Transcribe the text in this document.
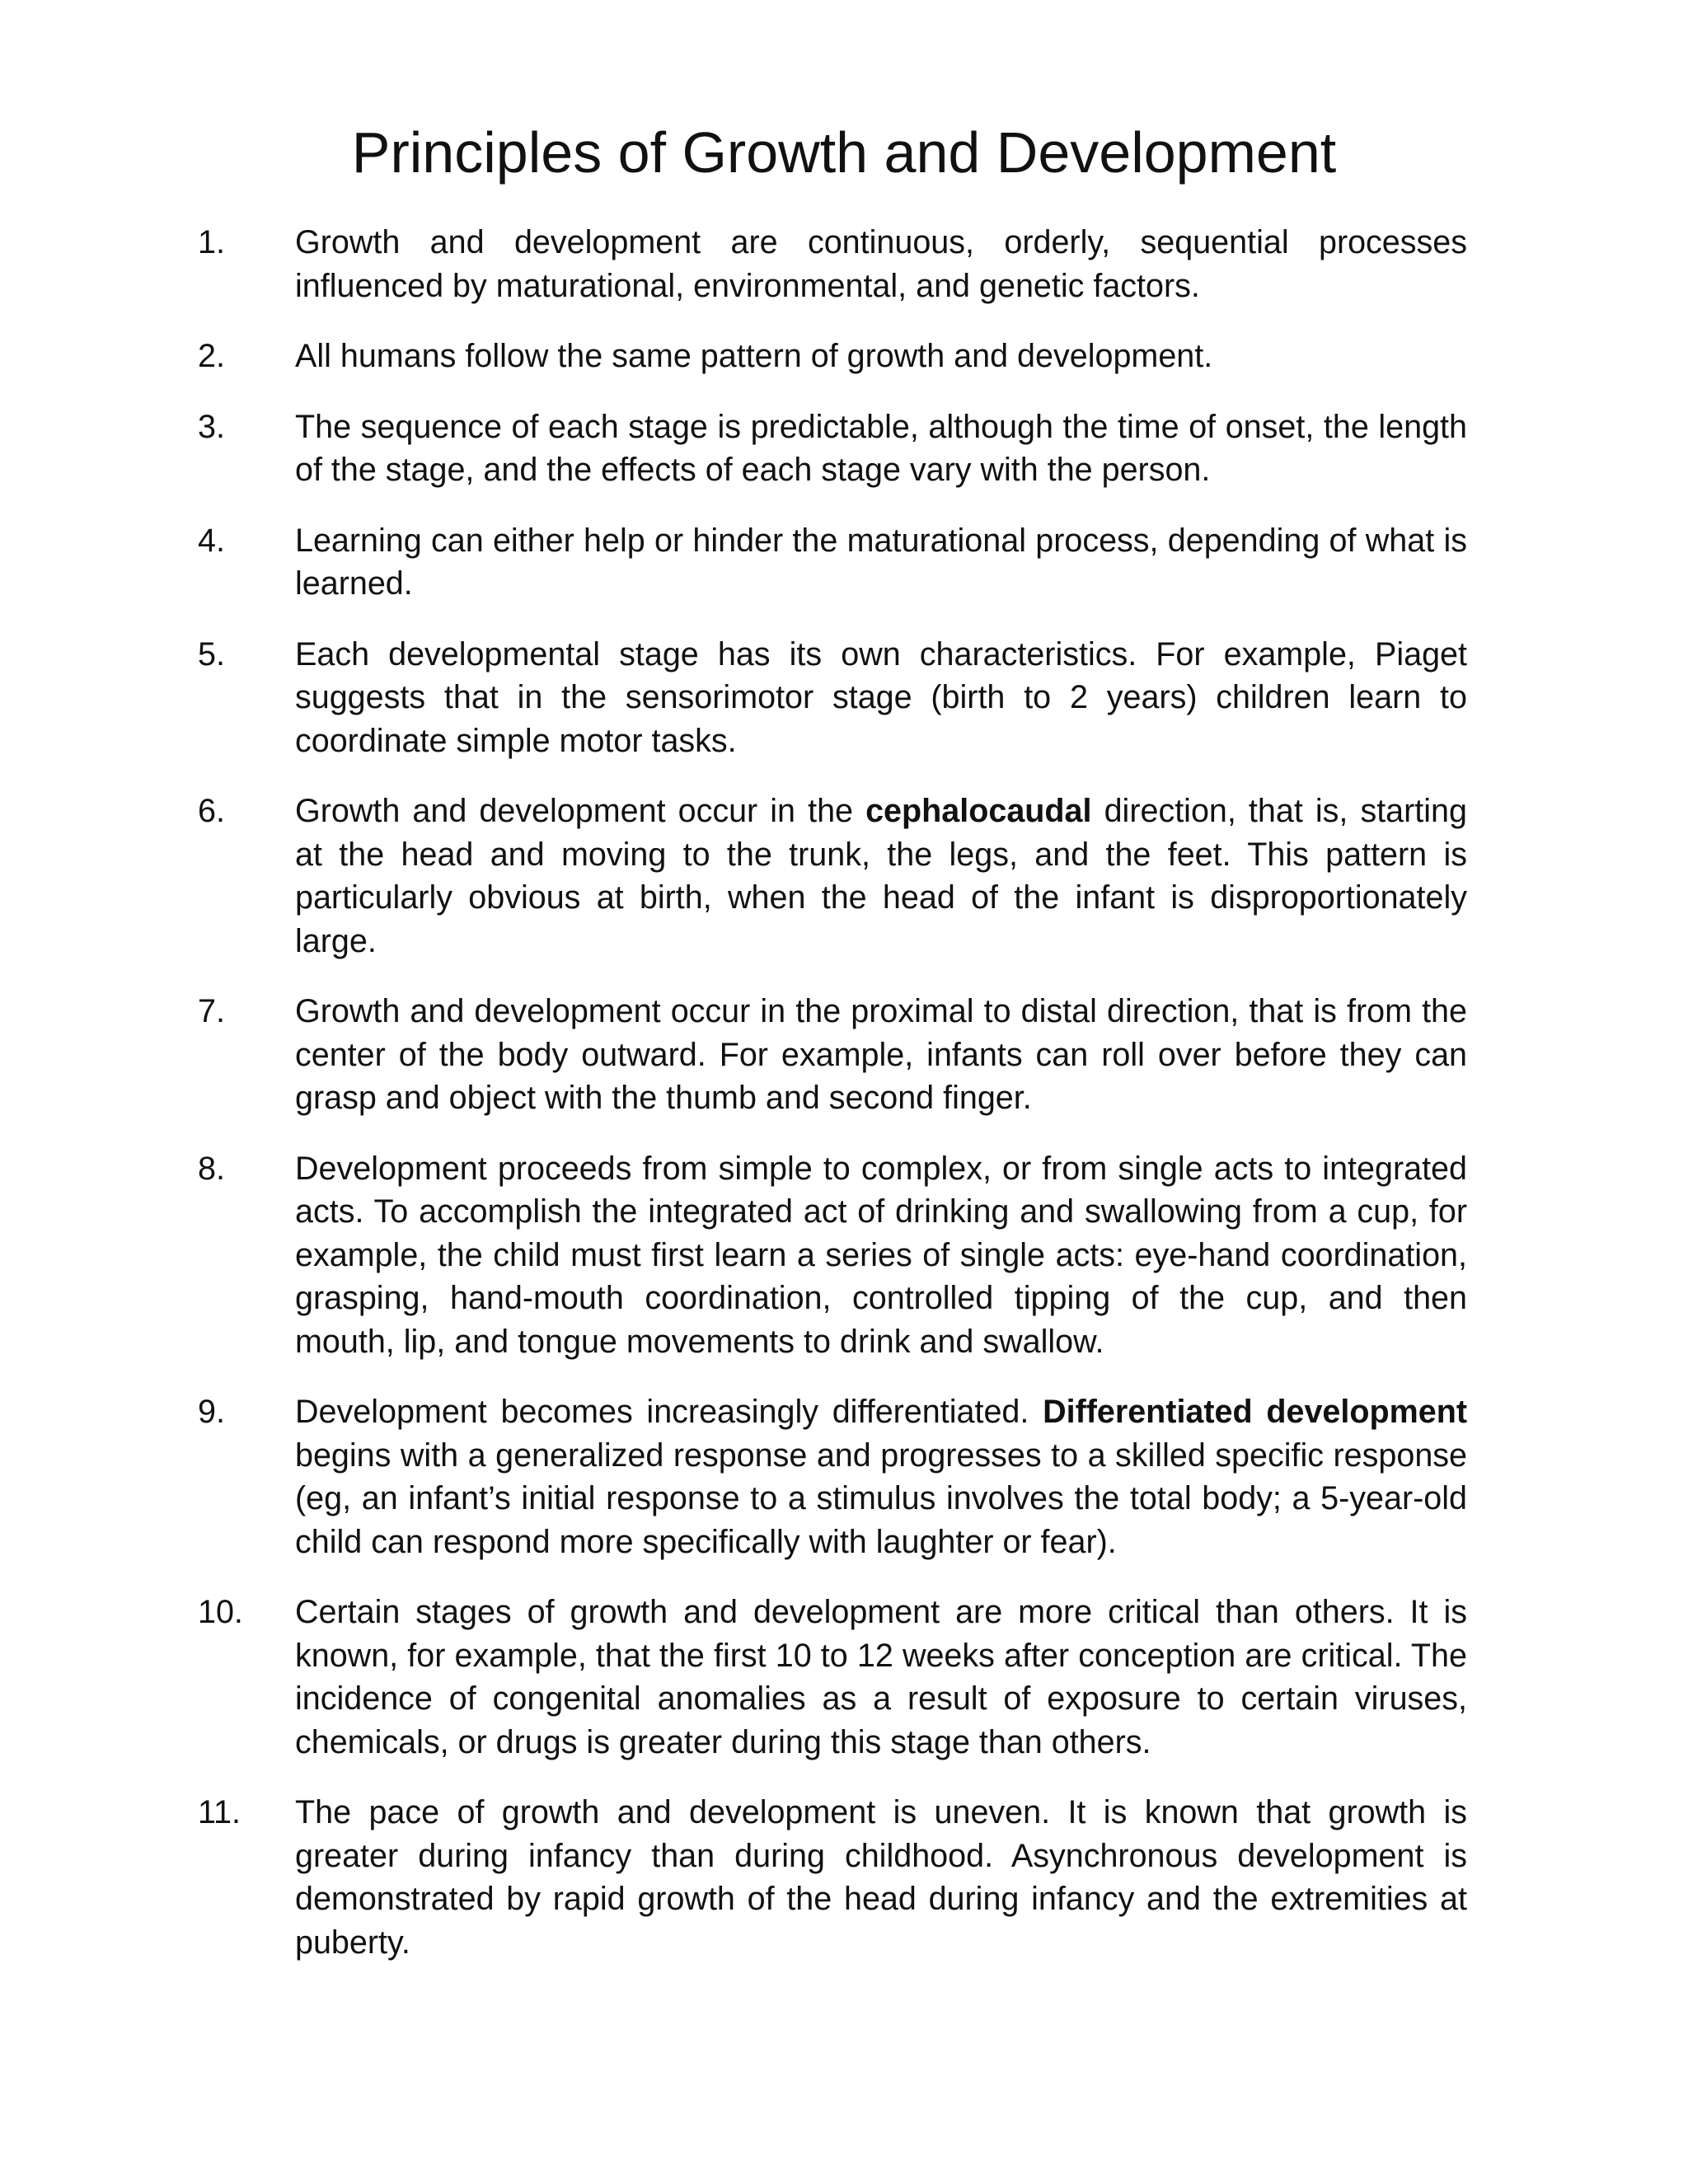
Principles of Growth and Development
1. Growth and development are continuous, orderly, sequential processes influenced by maturational, environmental, and genetic factors.
2. All humans follow the same pattern of growth and development.
3. The sequence of each stage is predictable, although the time of onset, the length of the stage, and the effects of each stage vary with the person.
4. Learning can either help or hinder the maturational process, depending of what is learned.
5. Each developmental stage has its own characteristics. For example, Piaget suggests that in the sensorimotor stage (birth to 2 years) children learn to coordinate simple motor tasks.
6. Growth and development occur in the cephalocaudal direction, that is, starting at the head and moving to the trunk, the legs, and the feet. This pattern is particularly obvious at birth, when the head of the infant is disproportionately large.
7. Growth and development occur in the proximal to distal direction, that is from the center of the body outward. For example, infants can roll over before they can grasp and object with the thumb and second finger.
8. Development proceeds from simple to complex, or from single acts to integrated acts. To accomplish the integrated act of drinking and swallowing from a cup, for example, the child must first learn a series of single acts: eye-hand coordination, grasping, hand-mouth coordination, controlled tipping of the cup, and then mouth, lip, and tongue movements to drink and swallow.
9. Development becomes increasingly differentiated. Differentiated development begins with a generalized response and progresses to a skilled specific response (eg, an infant’s initial response to a stimulus involves the total body; a 5-year-old child can respond more specifically with laughter or fear).
10. Certain stages of growth and development are more critical than others. It is known, for example, that the first 10 to 12 weeks after conception are critical. The incidence of congenital anomalies as a result of exposure to certain viruses, chemicals, or drugs is greater during this stage than others.
11. The pace of growth and development is uneven. It is known that growth is greater during infancy than during childhood. Asynchronous development is demonstrated by rapid growth of the head during infancy and the extremities at puberty.
